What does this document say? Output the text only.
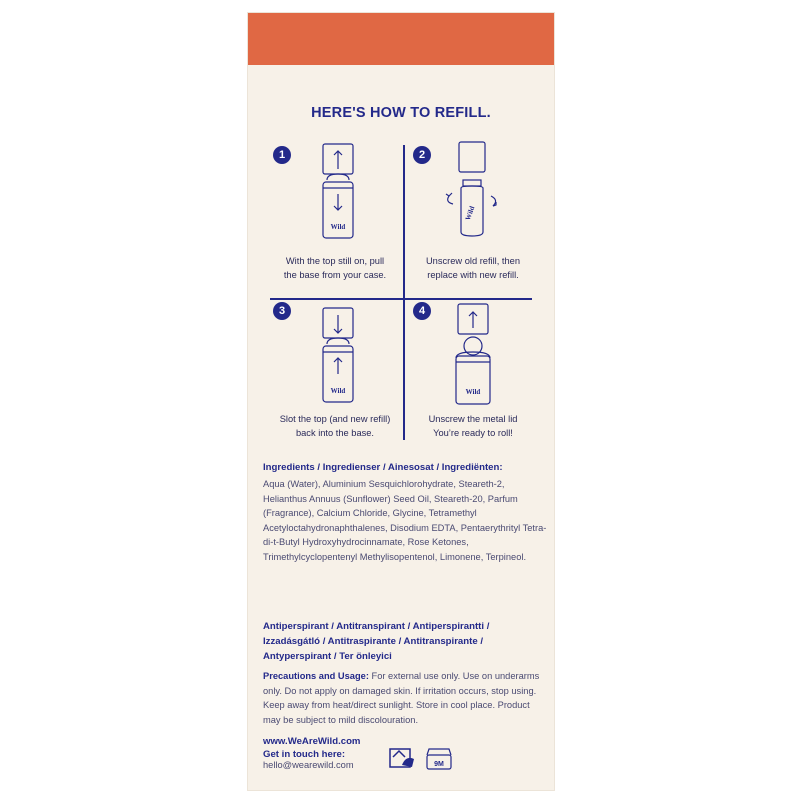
HERE'S HOW TO REFILL.
1
Wild
With the top still on, pull
the base from your case.
2
Wild
Unscrew old refill, then
replace with new refill.
3
Wild
Slot the top (and new refill)
back into the base.
4
Wild
Unscrew the metal lid
You’re ready to roll!
Ingredients / Ingredienser / Ainesosat / Ingrediënten:
Aqua (Water), Aluminium Sesquichlorohydrate, Steareth-2, Helianthus Annuus (Sunflower) Seed Oil, Steareth-20, Parfum (Fragrance), Calcium Chloride, Glycine, Tetramethyl Acetyloctahydronaphthalenes, Disodium EDTA, Pentaerythrityl Tetra-di-t-Butyl Hydroxyhydrocinnamate, Rose Ketones, Trimethylcyclopentenyl Methylisopentenol, Limonene, Terpineol.
Antiperspirant / Antitranspirant / Antiperspirantti / Izzadásgátló / Antitraspirante / Antitranspirante / Antyperspirant / Ter önleyici
Precautions and Usage: For external use only. Use on underarms only. Do not apply on damaged skin. If irritation occurs, stop using. Keep away from heat/direct sunlight. Store in cool place. Product may be subject to mild discolouration.
www.WeAreWild.com
Get in touch here:
hello@wearewild.com	9M
